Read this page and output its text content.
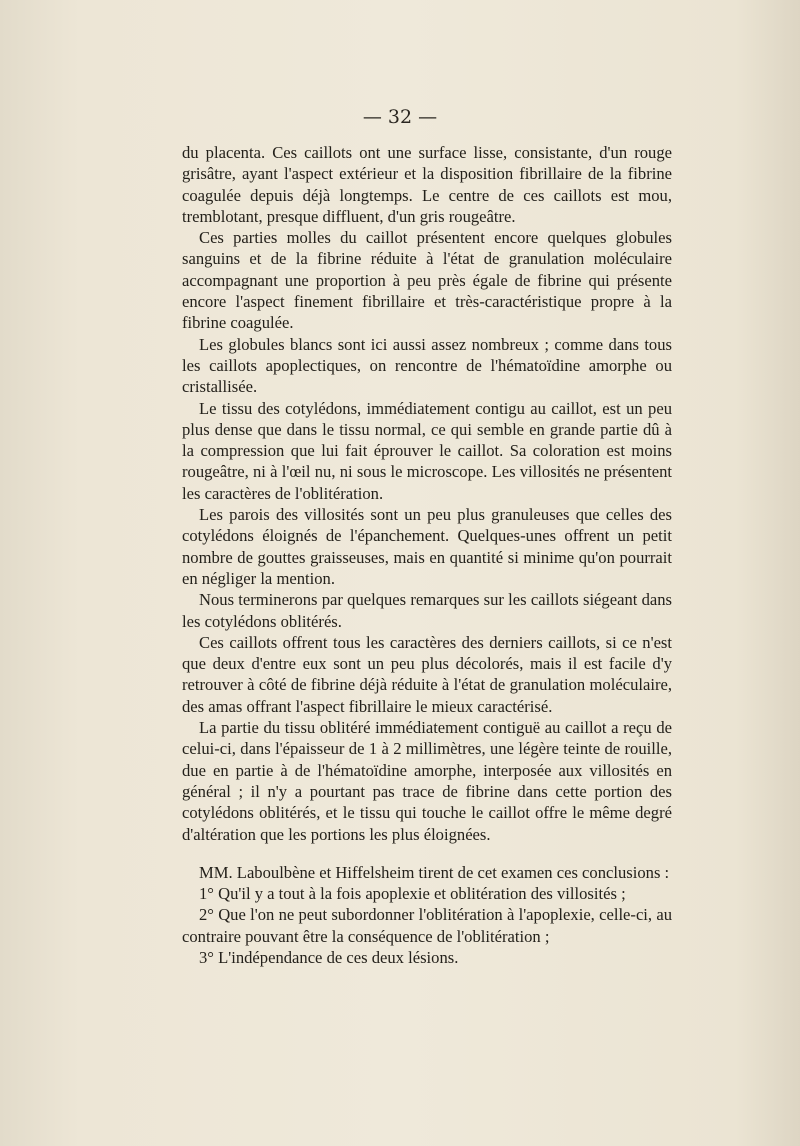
— 32 —

du placenta. Ces caillots ont une surface lisse, consistante, d'un rouge grisâtre, ayant l'aspect extérieur et la disposition fibrillaire de la fibrine coagulée depuis déjà longtemps. Le centre de ces caillots est mou, tremblotant, presque diffluent, d'un gris rougeâtre.

Ces parties molles du caillot présentent encore quelques globules sanguins et de la fibrine réduite à l'état de granulation moléculaire accompagnant une proportion à peu près égale de fibrine qui présente encore l'aspect finement fibrillaire et très-caractéristique propre à la fibrine coagulée.

Les globules blancs sont ici aussi assez nombreux ; comme dans tous les caillots apoplectiques, on rencontre de l'hématoïdine amorphe ou cristallisée.

Le tissu des cotylédons, immédiatement contigu au caillot, est un peu plus dense que dans le tissu normal, ce qui semble en grande partie dû à la compression que lui fait éprouver le caillot. Sa coloration est moins rougeâtre, ni à l'œil nu, ni sous le microscope. Les villosités ne présentent les caractères de l'oblitération.

Les parois des villosités sont un peu plus granuleuses que celles des cotylédons éloignés de l'épanchement. Quelques-unes offrent un petit nombre de gouttes graisseuses, mais en quantité si minime qu'on pourrait en négliger la mention.

Nous terminerons par quelques remarques sur les caillots siégeant dans les cotylédons oblitérés.

Ces caillots offrent tous les caractères des derniers caillots, si ce n'est que deux d'entre eux sont un peu plus décolorés, mais il est facile d'y retrouver à côté de fibrine déjà réduite à l'état de granulation moléculaire, des amas offrant l'aspect fibrillaire le mieux caractérisé.

La partie du tissu oblitéré immédiatement contiguë au caillot a reçu de celui-ci, dans l'épaisseur de 1 à 2 millimètres, une légère teinte de rouille, due en partie à de l'hématoïdine amorphe, interposée aux villosités en général ; il n'y a pourtant pas trace de fibrine dans cette portion des cotylédons oblitérés, et le tissu qui touche le caillot offre le même degré d'altération que les portions les plus éloignées.

MM. Laboulbène et Hiffelsheim tirent de cet examen ces conclusions :

1° Qu'il y a tout à la fois apoplexie et oblitération des villosités ;

2° Que l'on ne peut subordonner l'oblitération à l'apoplexie, celle-ci, au contraire pouvant être la conséquence de l'oblitération ;

3° L'indépendance de ces deux lésions.
